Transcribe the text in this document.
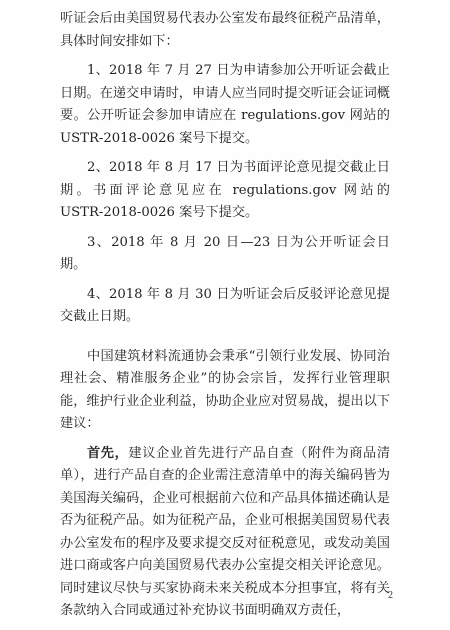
听证会后由美国贸易代表办公室发布最终征税产品清单，具体时间安排如下：

1、2018 年 7 月 27 日为申请参加公开听证会截止日期。在递交申请时，申请人应当同时提交听证会证词概要。公开听证会参加申请应在 regulations.gov 网站的 USTR-2018-0026 案号下提交。

2、2018 年 8 月 17 日为书面评论意见提交截止日期。书面评论意见应在 regulations.gov 网站的 USTR-2018-0026 案号下提交。

3、2018 年 8 月 20 日—23 日为公开听证会日期。

4、2018 年 8 月 30 日为听证会后反驳评论意见提交截止日期。

中国建筑材料流通协会秉承“引领行业发展、协同治理社会、精准服务企业”的协会宗旨，发挥行业管理职能，维护行业企业利益，协助企业应对贸易战，提出以下建议：

首先，建议企业首先进行产品自查（附件为商品清单），进行产品自查的企业需注意清单中的海关编码皆为美国海关编码，企业可根据前六位和产品具体描述确认是否为征税产品。如为征税产品，企业可根据美国贸易代表办公室发布的程序及要求提交反对征税意见，或发动美国进口商或客户向美国贸易代表办公室提交相关评论意见。同时建议尽快与买家协商未来关税成本分担事宜，将有关条款纳入合同或通过补充协议书面明确双方责任，

2
